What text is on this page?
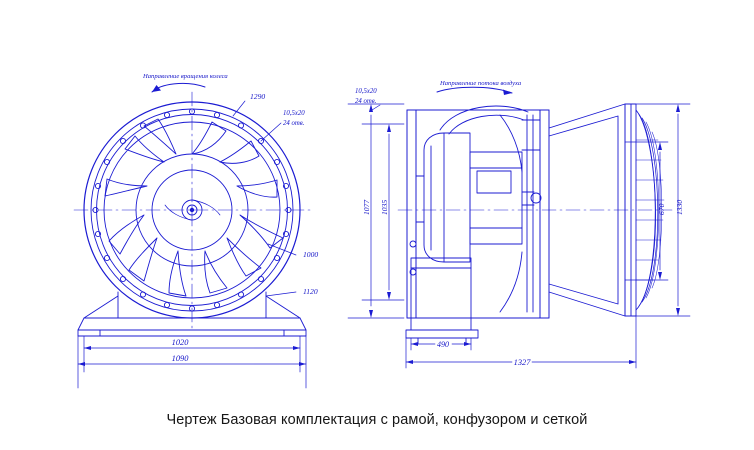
Направление вращения колеса
1290
10,5x20
24 отв.
1000
1120
1020
1090
Направление потока воздуха
10,5x20
24 отв.
1077 1035
490
1327
1330
670
Чертеж Базовая комплектация с рамой, конфузором и сеткой
